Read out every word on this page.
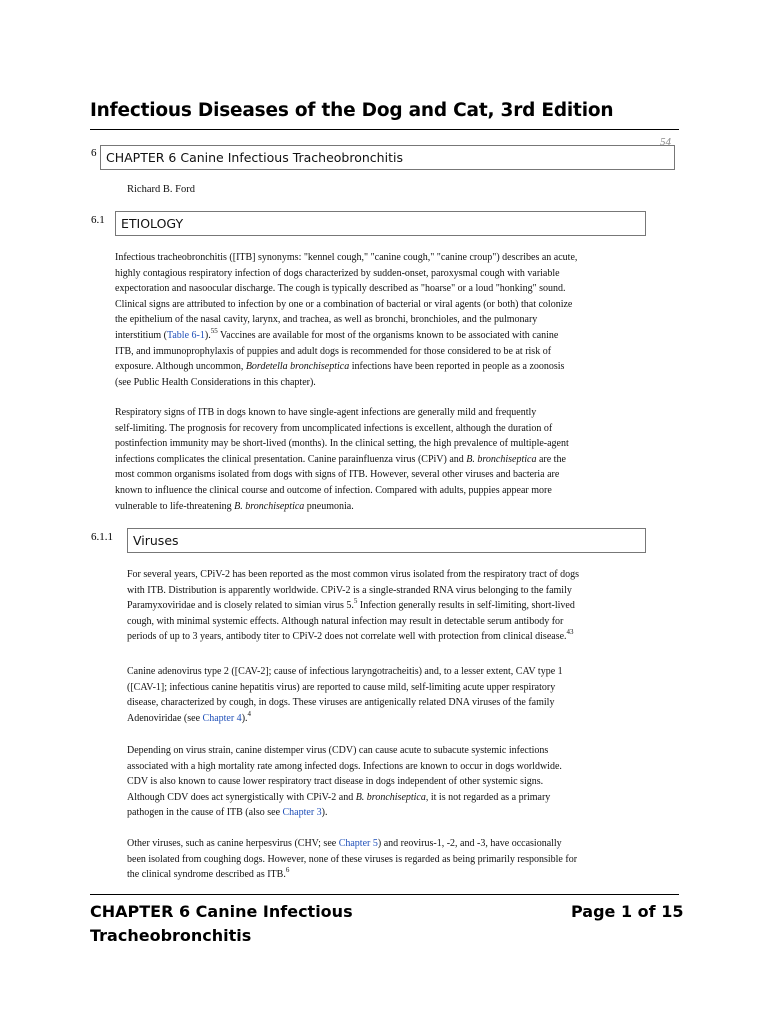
Infectious Diseases of the Dog and Cat, 3rd Edition
54
6 CHAPTER 6 Canine Infectious Tracheobronchitis
Richard B. Ford
6.1	ETIOLOGY
Infectious tracheobronchitis ([ITB] synonyms: "kennel cough," "canine cough," "canine croup") describes an acute,
highly contagious respiratory infection of dogs characterized by sudden-onset, paroxysmal cough with variable
expectoration and nasoocular discharge. The cough is typically described as "hoarse" or a loud "honking" sound.
Clinical signs are attributed to infection by one or a combination of bacterial or viral agents (or both) that colonize
the epithelium of the nasal cavity, larynx, and trachea, as well as bronchi, bronchioles, and the pulmonary
interstitium (Table 6-1).$^{55}$ Vaccines are available for most of the organisms known to be associated with canine
ITB, and immunoprophylaxis of puppies and adult dogs is recommended for those considered to be at risk of
exposure. Although uncommon, Bordetella bronchiseptica infections have been reported in people as a zoonosis
(see Public Health Considerations in this chapter).
Respiratory signs of ITB in dogs known to have single-agent infections are generally mild and frequently
self-limiting. The prognosis for recovery from uncomplicated infections is excellent, although the duration of
postinfection immunity may be short-lived (months). In the clinical setting, the high prevalence of multiple-agent
infections complicates the clinical presentation. Canine parainfluenza virus (CPiV) and B. bronchiseptica are the
most common organisms isolated from dogs with signs of ITB. However, several other viruses and bacteria are
known to influence the clinical course and outcome of infection. Compared with adults, puppies appear more
vulnerable to life-threatening B. bronchiseptica pneumonia.
6.1.1	Viruses
For several years, CPiV-2 has been reported as the most common virus isolated from the respiratory tract of dogs
with ITB. Distribution is apparently worldwide. CPiV-2 is a single-stranded RNA virus belonging to the family
Paramyxoviridae and is closely related to simian virus 5.$^5$ Infection generally results in self-limiting, short-lived
cough, with minimal systemic effects. Although natural infection may result in detectable serum antibody for
periods of up to 3 years, antibody titer to CPiV-2 does not correlate well with protection from clinical disease.$^{43}$
Canine adenovirus type 2 ([CAV-2]; cause of infectious laryngotracheitis) and, to a lesser extent, CAV type 1
([CAV-1]; infectious canine hepatitis virus) are reported to cause mild, self-limiting acute upper respiratory
disease, characterized by cough, in dogs. These viruses are antigenically related DNA viruses of the family
Adenoviridae (see Chapter 4).$^4$
Depending on virus strain, canine distemper virus (CDV) can cause acute to subacute systemic infections
associated with a high mortality rate among infected dogs. Infections are known to occur in dogs worldwide.
CDV is also known to cause lower respiratory tract disease in dogs independent of other systemic signs.
Although CDV does act synergistically with CPiV-2 and B. bronchiseptica, it is not regarded as a primary
pathogen in the cause of ITB (also see Chapter 3).
Other viruses, such as canine herpesvirus (CHV; see Chapter 5) and reovirus-1, -2, and -3, have occasionally
been isolated from coughing dogs. However, none of these viruses is regarded as being primarily responsible for
the clinical syndrome described as ITB.$^6$
CHAPTER 6 Canine Infectious
Tracheobronchitis
Page 1 of 15
